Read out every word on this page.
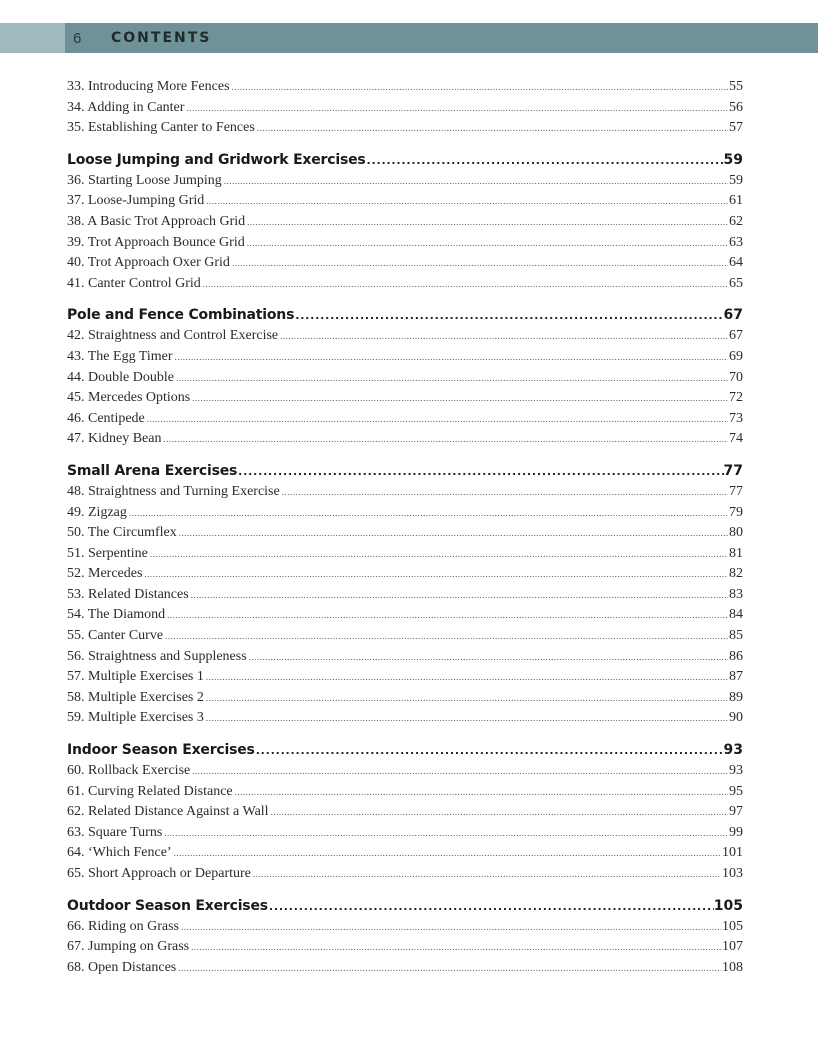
6	CONTENTS
33. Introducing More Fences .....	55
34. Adding in Canter .....	56
35. Establishing Canter to Fences .....	57
Loose Jumping and Gridwork Exercises .....	59
36. Starting Loose Jumping .....	59
37. Loose-Jumping Grid .....	61
38. A Basic Trot Approach Grid .....	62
39. Trot Approach Bounce Grid .....	63
40. Trot Approach Oxer Grid .....	64
41. Canter Control Grid .....	65
Pole and Fence Combinations .....	67
42. Straightness and Control Exercise .....	67
43. The Egg Timer .....	69
44. Double Double .....	70
45. Mercedes Options .....	72
46. Centipede .....	73
47. Kidney Bean .....	74
Small Arena Exercises .....	77
48. Straightness and Turning Exercise .....	77
49. Zigzag .....	79
50. The Circumflex .....	80
51. Serpentine .....	81
52. Mercedes .....	82
53. Related Distances .....	83
54. The Diamond .....	84
55. Canter Curve .....	85
56. Straightness and Suppleness .....	86
57. Multiple Exercises 1 .....	87
58. Multiple Exercises 2 .....	89
59. Multiple Exercises 3 .....	90
Indoor Season Exercises .....	93
60. Rollback Exercise .....	93
61. Curving Related Distance .....	95
62. Related Distance Against a Wall .....	97
63. Square Turns .....	99
64. ‘Which Fence’ .....	101
65. Short Approach or Departure .....	103
Outdoor Season Exercises .....	105
66. Riding on Grass .....	105
67. Jumping on Grass .....	107
68. Open Distances .....	108
